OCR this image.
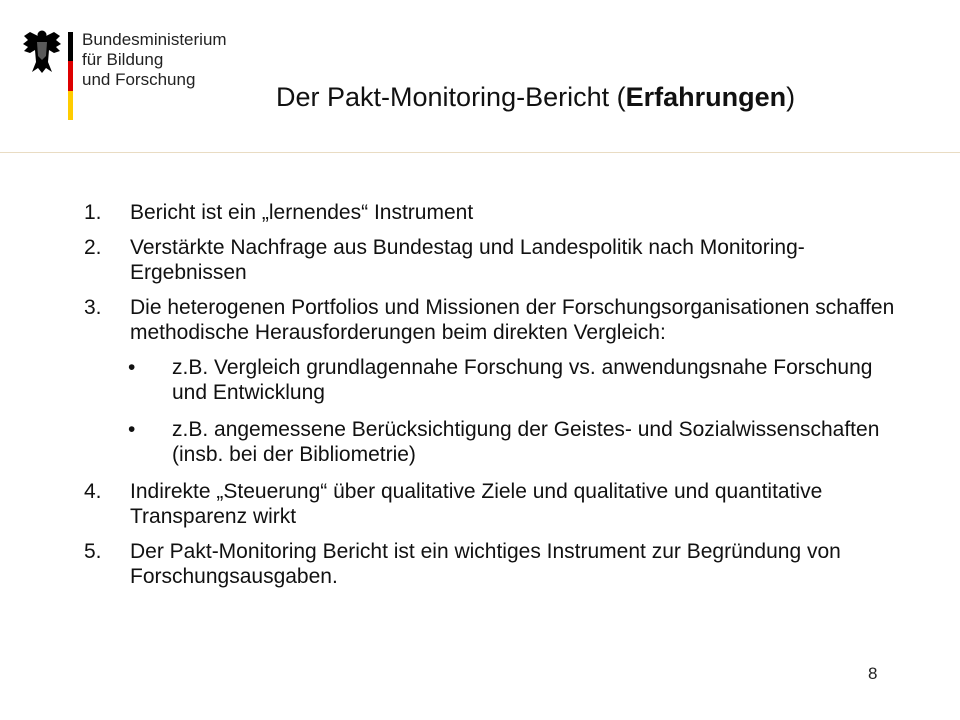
Bundesministerium
für Bildung
und Forschung
Der Pakt-Monitoring-Bericht (Erfahrungen)
1. Bericht ist ein „lernendes“ Instrument
2. Verstärkte Nachfrage aus Bundestag und Landespolitik nach Monitoring-Ergebnissen
3. Die heterogenen Portfolios und Missionen der Forschungsorganisationen schaffen methodische Herausforderungen beim direkten Vergleich:
• z.B. Vergleich grundlagennahe Forschung vs. anwendungsnahe Forschung und Entwicklung
• z.B. angemessene Berücksichtigung der Geistes- und Sozialwissenschaften (insb. bei der Bibliometrie)
4. Indirekte „Steuerung“ über qualitative Ziele und qualitative und quantitative Transparenz wirkt
5. Der Pakt-Monitoring Bericht ist ein wichtiges Instrument zur Begründung von Forschungsausgaben.
8
